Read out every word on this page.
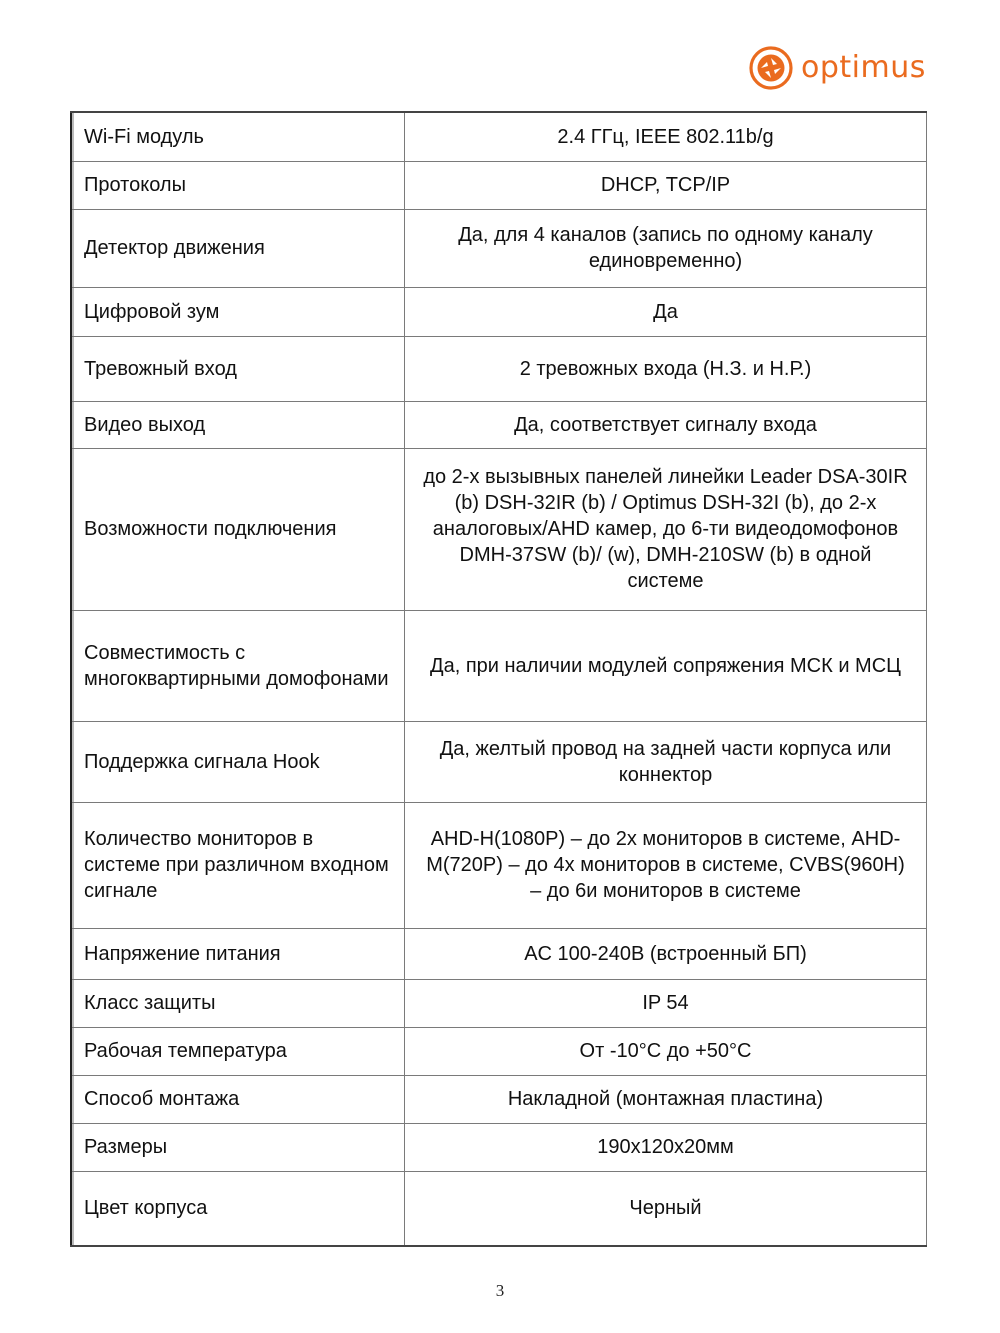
optimus
Wi-Fi модуль	2.4 ГГц, IEEE 802.11b/g
Протоколы	DHCP, TCP/IP
Детектор движения	Да, для 4 каналов (запись по одному каналу единовременно)
Цифровой зум	Да
Тревожный вход	2 тревожных входа (Н.З. и Н.Р.)
Видео выход	Да, соответствует сигналу входа
Возможности подключения	до 2-х вызывных панелей линейки Leader DSA-30IR (b) DSH-32IR (b) / Optimus DSH-32I (b), до 2-х аналоговых/AHD камер, до 6-ти видеодомофонов DMH-37SW (b)/ (w), DMH-210SW (b) в одной системе
Совместимость с многоквартирными домофонами	Да, при наличии модулей сопряжения МСК и МСЦ
Поддержка сигнала Hook	Да, желтый провод на задней части корпуса или коннектор
Количество мониторов в системе при различном входном сигнале	AHD-H(1080P) – до 2х мониторов в системе, AHD-M(720P) – до 4х мониторов в системе, CVBS(960H) – до 6и мониторов в системе
Напряжение питания	AC 100-240В (встроенный БП)
Класс защиты	IP 54
Рабочая температура	От -10°С до +50°С
Способ монтажа	Накладной (монтажная пластина)
Размеры	190х120х20мм
Цвет корпуса	Черный
3
